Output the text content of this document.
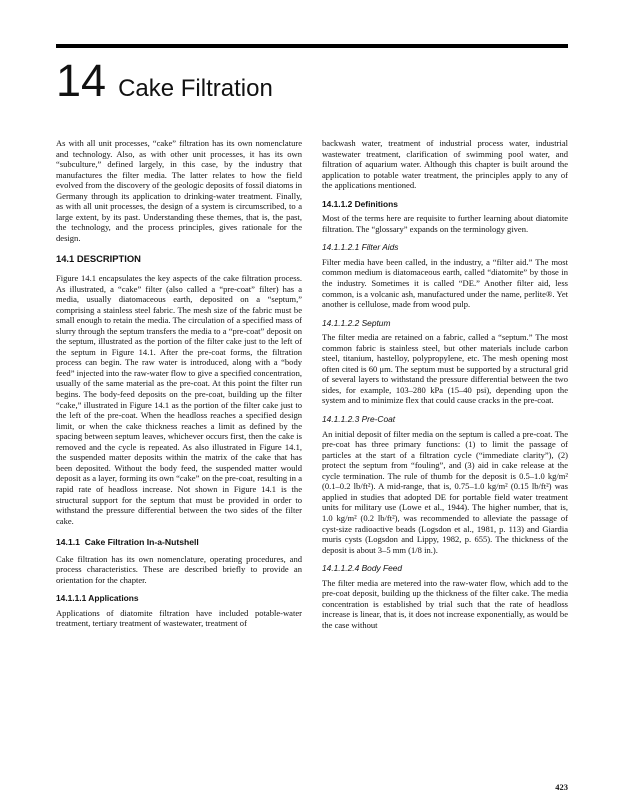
14 Cake Filtration

As with all unit processes, “cake” filtration has its own nomenclature and technology. Also, as with other unit processes, it has its own “subculture,” defined largely, in this case, by the industry that manufactures the filter media. The latter relates to how the field evolved from the discovery of the geologic deposits of fossil diatoms in Germany through its application to drinking-water treatment. Finally, as with all unit processes, the design of a system is circumscribed, to a large extent, by its past. Understanding these themes, that is, the past, the technology, and the process principles, gives rationale for the design.

14.1 DESCRIPTION

Figure 14.1 encapsulates the key aspects of the cake filtration process. As illustrated, a “cake” filter (also called a “pre-coat” filter) has a media, usually diatomaceous earth, deposited on a “septum,” comprising a stainless steel fabric. The mesh size of the fabric must be small enough to retain the media. The circulation of a specified mass of slurry through the septum transfers the media to a “pre-coat” deposit on the septum, illustrated as the portion of the filter cake just to the left of the septum in Figure 14.1. After the pre-coat forms, the filtration process can begin. The raw water is introduced, along with a “body feed” injected into the raw-water flow to give a specified concentration, usually of the same material as the pre-coat. At this point the filter run begins. The body-feed deposits on the pre-coat, building up the filter “cake,” illustrated in Figure 14.1 as the portion of the filter cake just to the left of the pre-coat. When the headloss reaches a specified design limit, or when the cake thickness reaches a limit as defined by the spacing between septum leaves, whichever occurs first, then the cake is removed and the cycle is repeated. As also illustrated in Figure 14.1, the suspended matter deposits within the matrix of the cake that has been deposited. Without the body feed, the suspended matter would deposit as a layer, forming its own “cake” on the pre-coat, resulting in a rapid rate of headloss increase. Not shown in Figure 14.1 is the structural support for the septum that must be provided in order to withstand the pressure differential between the two sides of the filter cake.

14.1.1 Cake Filtration In-a-Nutshell

Cake filtration has its own nomenclature, operating procedures, and process characteristics. These are described briefly to provide an orientation for the chapter.

14.1.1.1 Applications

Applications of diatomite filtration have included potable-water treatment, tertiary treatment of wastewater, treatment of

backwash water, treatment of industrial process water, industrial wastewater treatment, clarification of swimming pool water, and filtration of aquarium water. Although this chapter is built around the application to potable water treatment, the principles apply to any of the applications mentioned.

14.1.1.2 Definitions

Most of the terms here are requisite to further learning about diatomite filtration. The “glossary” expands on the terminology given.

14.1.1.2.1 Filter Aids

Filter media have been called, in the industry, a “filter aid.” The most common medium is diatomaceous earth, called “diatomite” by those in the industry. Sometimes it is called “DE.” Another filter aid, less common, is a volcanic ash, manufactured under the name, perlite®. Yet another is cellulose, made from wood pulp.

14.1.1.2.2 Septum

The filter media are retained on a fabric, called a “septum.” The most common fabric is stainless steel, but other materials include carbon steel, titanium, hastelloy, polypropylene, etc. The mesh opening most often cited is 60 μm. The septum must be supported by a structural grid of several layers to withstand the pressure differential between the two sides, for example, 103–280 kPa (15–40 psi), depending upon the system and to minimize flex that could cause cracks in the pre-coat.

14.1.1.2.3 Pre-Coat

An initial deposit of filter media on the septum is called a pre-coat. The pre-coat has three primary functions: (1) to limit the passage of particles at the start of a filtration cycle (“immediate clarity”), (2) protect the septum from “fouling”, and (3) aid in cake release at the cycle termination. The rule of thumb for the deposit is 0.5–1.0 kg/m² (0.1–0.2 lb/ft²). A mid-range, that is, 0.75–1.0 kg/m² (0.15 lb/ft²) was applied in studies that adopted DE for portable field water treatment units for military use (Lowe et al., 1944). The higher number, that is, 1.0 kg/m² (0.2 lb/ft²), was recommended to alleviate the passage of cyst-size radioactive beads (Logsdon et al., 1981, p. 113) and Giardia muris cysts (Logsdon and Lippy, 1982, p. 655). The thickness of the deposit is about 3–5 mm (1/8 in.).

14.1.1.2.4 Body Feed

The filter media are metered into the raw-water flow, which add to the pre-coat deposit, building up the thickness of the filter cake. The media concentration is established by trial such that the rate of headloss increase is linear, that is, it does not increase exponentially, as would be the case without

423
